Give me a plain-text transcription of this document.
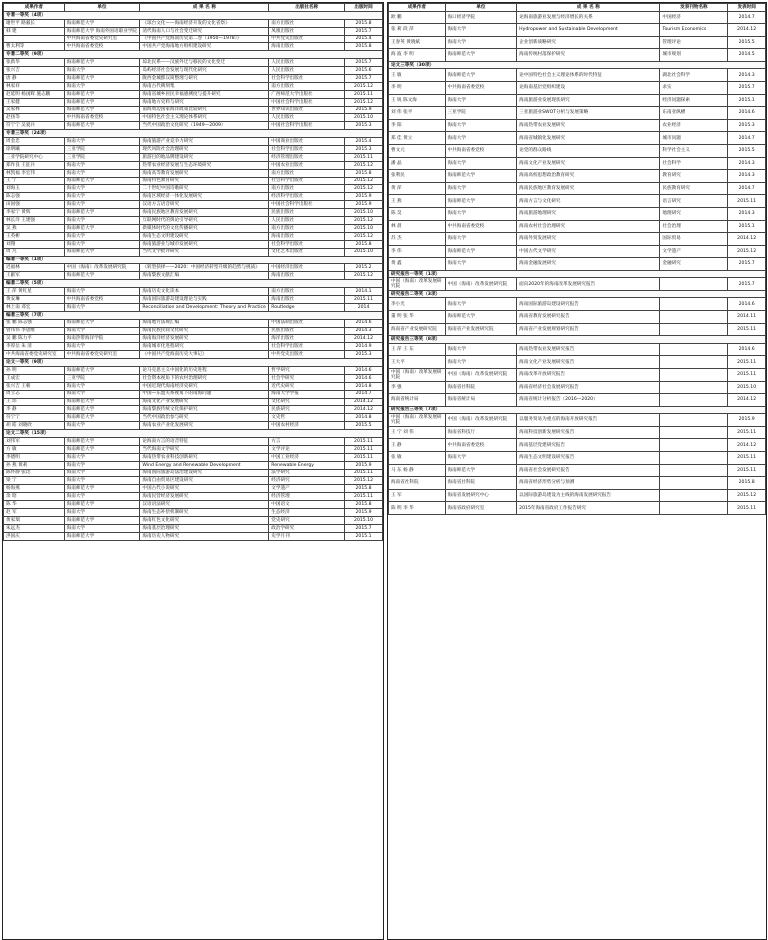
成果作者	单位	成 果 名 称	出版社名称	出版时间
专著一等奖（4项）				
谢世平 路毅长	海南师范大学	《琼台文化——海南经济开发的文化省察》	南方出版社	2015.8
韩 建	海南师范大学 海南外国语职业学院	清代海南人口与社会变迁研究	凤凰出版社	2015.7
	中共海南省委党史研究室	《中国共产党海南历史第二卷（1950—1978）》	中共党史出版社	2015.4
曹太利等	中共海南省委党校	中国共产党海南地方组织建设研究	海南出版社	2015.8
专著二等奖（9项）				
张新华	海南师范大学	琼北民系——汉族外迁与移民的文化变迁	人民出版社	2015.7
张兴吉	海南大学	岛屿经济社会发展与现代化研究	人民出版社	2015.6
唐 静	海南师范大学	陇西金城郡汉简整理与研究	社会科学出版社	2015.7
林家祥	海南大学	海南古代碑刻集	南方出版社	2015.12
赵延明 杨国辉 施志鹏	海南师范大学	海南省城乡居民幸福感测度与提升研究	广西师范大学出版社	2015.11
王家健	海南师范大学	海南地方史料与研究	中国社会科学出版社	2015.12
吴家桦	海南师范大学	南海周边国家海洋政策比较研究	世界知识出版社	2015.9
赵扬等	中共海南省委党校	中国特色社会主义理论体系研究	人民出版社	2015.10
符宁宁 吴爱兵	海南师范大学	当代中国政治文化研究（1949—2009）	中国社会科学出版社	2015.3
专著三等奖（24项）				
周金忠	海南大学	海南旅游产业竞争力研究	中国商业出版社	2015.4
徐明曦	三亚学院	现代风险社会治理研究	社会科学出版社	2015.3
三亚学院研究中心	三亚学院	旅游目的地品牌建设研究	经济管理出版社	2015.11
郑作良 王征兵	海南大学	热带农业经济发展与生态环境研究	中国农业出版社	2015.12
林凯福 李宏伟	海南大学	海南高等教育发展研究	南方出版社	2015.8
王 宁	海南师范大学	海南特色教育研究	社会科学出版社	2015.12
刘海玉	海南大学	二十世纪中国诗歌研究	南方出版社	2015.12
陈志强	海南大学	海南区域经济一体化发展研究	经济科学出版社	2015.9
田国强	海南大学	汉语方言语音研究	中国社会科学出版社	2015.9
李家宁 黄辉	海南师范大学	海南民族地区教育发展研究	民族出版社	2015.10
林长洋 王建强	海南大学	互联网时代的舆论引导研究	人民出版社	2015.12
吴 燕	海南师范大学	新媒体时代的文化传播研究	南方出版社	2015.10
王英彬	海南大学	海南生态文明建设研究	海南出版社	2015.12
刘翔	海南大学	海南旅游业与城市发展研究	社会科学出版社	2015.8
周 凡	海南师范大学	当代文学批评研究	文化艺术出版社	2015.10
编著一等奖（1项）				
迟福林	中国（海南）改革发展研究院	《转型抉择——2020：中国经济转型升级的趋势与挑战》	中国经济出版社	2015.2
王献军	海南师范大学	海南黎族文献汇编	海南出版社	2015.12
编著二等奖（5项）				
王 萍 黄红星	海南大学	海南历史文化读本	南方出版社	2014.1
黄安琳	中共海南省委党校	海南国际旅游岛建设理论与实践	海南出版社	2015.11
林士南 邓宏	海南大学	Reconciliation and Development: Theory and Practice	Routledge	2014
编著三等奖（7项）				
张 鹏 陈志强	海南师范大学	海南地方法规汇编	中国法制出版社	2014.6
曾伟伟 李思维	海南大学	海南民族民间文化研究	民族出版社	2014.3
吴 鹏 陈力平	海南热带海洋学院	海南海洋经济发展研究	海洋出版社	2014.12
李厚岳 朱 清	海南大学	海南城市化进程研究	社会科学出版社	2014.9
中共海南省委党史研究室	中共海南省委党史研究室	《中国共产党海南历史大事记》	中共党史出版社	2015.3
论文一等奖（9项）				
孙 明	海南师范大学	论马克思主义中国化的历史进程	哲学研究	2014.6
王成宏	三亚学院	社会资本视角下的农村治理研究	社会学研究	2014.6
张兴吉 王朝	海南大学	中国近现代海南经济史研究	近代史研究	2014.8
周立志	海南大学	中国—东盟关系视角下的南海问题	海南大学学报	2014.7
王 玮	海南师范大学	海南文化产业发展研究	文化研究	2014.12
李 静	海南师范大学	海南黎族传统文化保护研究	民族研究	2014.12
符宁宁	海南师范大学	当代中国政治参与研究	文史哲	2014.8
胡 皓 刘晓欣	海南大学	海南农业产业化发展研究	中国农村经济	2015.5
论文二等奖（15项）				
刘伟军	海南师范大学	论海南方言的语音特征	方言	2015.11
方 敏	海南师范大学	当代海南文学研究	文学评论	2015.11
李德明	海南大学	海南热带农业科技创新研究	中国工业经济	2015.11
孙 燕 黄莉	海南大学	Wind Energy and Renewable Development	Renewable Energy	2015.9
陈怀静 张迅	海南大学	海南国际旅游岛法治建设研究	法学研究	2015.11
梁 宁	海南大学	海南自由贸易区建设研究	经济研究	2015.12
杨海燕	海南师范大学	中国古代小说研究	文学遗产	2015.8
余 昭	海南大学	海南民营经济发展研究	经济管理	2015.11
陈 华	海南师范大学	汉语语法研究	中国语文	2015.8
赵 军	海南大学	海南生态补偿机制研究	生态经济	2015.9
黄家瑞	海南师范大学	海南红色文化研究	党史研究	2015.10
朱远杰	海南大学	海南基层治理研究	政治学研究	2015.7
洪国庆	海南师范大学	海南历史人物研究	史学月刊	2015.1
成果作者	单位	成 果 名 称	发表刊物名称	发表时间
欧 鹏	海口经济学院	论海南旅游业发展与经济增长的关系	中国经济	2014.7
张 莉 段 萍	海南大学	Hydropower and Sustainable Development	Tourism Economics	2014.12
王春英 黄晓斌	海南大学	企业创新战略研究	管理评论	2015.5
海 波 李 明	海南师范大学	海南传统村落保护研究	城市规划	2014.5
论文三等奖（30项）				
王 敏	海南师范大学	论中国特色社会主义理论体系的时代特征	湖北社会科学	2014.3
李 明	中共海南省委党校	论海南基层党组织建设	求实	2015.7
王 锐 陈文海	海南大学	海南旅游业发展现状研究	经济问题探索	2015.1
刘 伟 张平	三亚学院	三亚旅游业SWOT分析与发展策略	东南亚纵横	2014.6
李 阳	海南大学	海南热带农业发展研究	农业经济	2015.3
郑 佳 黄立	海南大学	海南省城镇化发展研究	城市问题	2014.7
曹文元	中共海南省委党校	论党的群众路线	科学社会主义	2015.5
潘 晶	海南大学	海南文化产业发展研究	社会科学	2014.3
张利民	海南师范大学	海南高校思想政治教育研究	教育研究	2014.3
黄 萍	海南大学	海南民族地区教育发展研究	民族教育研究	2014.7
王 燕	海南师范大学	海南方言与文化研究	语言研究	2015.11
陈 昊	海南大学	海南旅游地理研究	地理研究	2014.3
林 晨	中共海南省委党校	海南农村社会治理研究	社会治理	2015.1
苏 杰	海南大学	海南外贸发展研究	国际贸易	2014.12
李 伟	海南师范大学	中国古代文学研究	文学遗产	2015.12
黄 鑫	海南大学	海南金融发展研究	金融研究	2015.7
研究报告一等奖（1项）				
中国（海南）改革发展研究院	中国（海南）改革发展研究院	面向2020年的海南改革发展研究报告		2015.7
研究报告二等奖（3项）				
李小光	海南大学	海南国际旅游岛建设研究报告		2014.6
董 明 张 华	海南师范大学	海南省教育发展研究报告		2014.11
海南省产业发展研究院	海南省产业发展研究院	海南省产业发展规划研究报告		2015.11
研究报告三等奖（8项）				
王 萍 王 东	海南大学	海南热带农业发展研究报告		2014.6
王大平	海南大学	海南文化产业发展研究报告		2015.11
中国（海南）改革发展研究院	中国（海南）改革发展研究院	海南改革开放研究报告		2015.11
李 强	海南省社科院	海南省经济社会发展研究报告		2015.10
海南省统计局	海南省统计局	海南省统计分析报告（2016—2020）		2014.12
研究报告三等奖（7项）				
中国（海南）改革发展研究院	中国（海南）改革发展研究院	以服务贸易为重点的海南开放研究报告		2015.9
王 宁 刘 伟	海南省科技厅	海南科技创新发展研究报告		2015.11
王 静	中共海南省委党校	海南基层党建研究报告		2014.12
张 敏	海南大学	海南生态文明建设研究报告		2015.11
马 东 杨 静	海南师范大学	海南省社会发展研究报告		2015.11
海南省社科院	海南省社科院	海南省经济形势分析与预测		2015.8
王 军	海南省发展研究中心	以国际旅游岛建设为主线的海南发展研究报告		2015.12
陈 明 李 华	海南省政府研究室	2015年海南省政府工作报告研究		2015.11
